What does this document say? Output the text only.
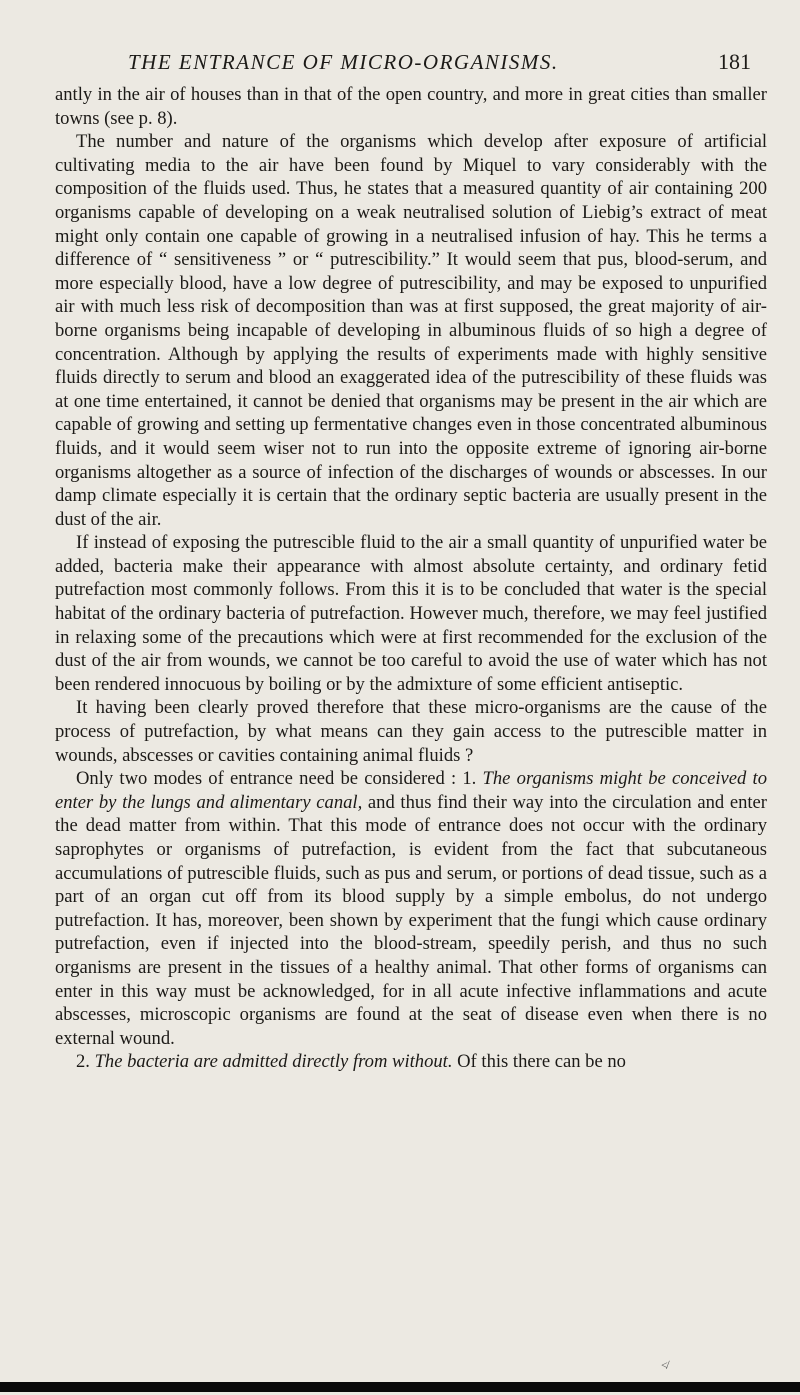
THE ENTRANCE OF MICRO-ORGANISMS.	181

antly in the air of houses than in that of the open country, and more in great cities than smaller towns (see p. 8).

The number and nature of the organisms which develop after exposure of artificial cultivating media to the air have been found by Miquel to vary considerably with the composition of the fluids used. Thus, he states that a measured quantity of air containing 200 organisms capable of developing on a weak neutralised solution of Liebig’s extract of meat might only contain one capable of growing in a neutralised infusion of hay. This he terms a difference of “ sensitiveness ” or “ putrescibility.” It would seem that pus, blood-serum, and more especially blood, have a low degree of putrescibility, and may be exposed to unpurified air with much less risk of decomposition than was at first supposed, the great majority of air-borne organisms being incapable of developing in albuminous fluids of so high a degree of concentration. Although by applying the results of experiments made with highly sensitive fluids directly to serum and blood an exaggerated idea of the putrescibility of these fluids was at one time entertained, it cannot be denied that organisms may be present in the air which are capable of growing and setting up fermentative changes even in those concentrated albuminous fluids, and it would seem wiser not to run into the opposite extreme of ignoring air-borne organisms altogether as a source of infection of the discharges of wounds or abscesses. In our damp climate especially it is certain that the ordinary septic bacteria are usually present in the dust of the air.

If instead of exposing the putrescible fluid to the air a small quantity of unpurified water be added, bacteria make their appearance with almost absolute certainty, and ordinary fetid putrefaction most commonly follows. From this it is to be concluded that water is the special habitat of the ordinary bacteria of putrefaction. However much, therefore, we may feel justified in relaxing some of the precautions which were at first recommended for the exclusion of the dust of the air from wounds, we cannot be too careful to avoid the use of water which has not been rendered innocuous by boiling or by the admixture of some efficient antiseptic.

It having been clearly proved therefore that these micro-organisms are the cause of the process of putrefaction, by what means can they gain access to the putrescible matter in wounds, abscesses or cavities containing animal fluids ?

Only two modes of entrance need be considered : 1. The organisms might be conceived to enter by the lungs and alimentary canal, and thus find their way into the circulation and enter the dead matter from within. That this mode of entrance does not occur with the ordinary saprophytes or organisms of putrefaction, is evident from the fact that subcutaneous accumulations of putrescible fluids, such as pus and serum, or portions of dead tissue, such as a part of an organ cut off from its blood supply by a simple embolus, do not undergo putrefaction. It has, moreover, been shown by experiment that the fungi which cause ordinary putrefaction, even if injected into the blood-stream, speedily perish, and thus no such organisms are present in the tissues of a healthy animal. That other forms of organisms can enter in this way must be acknowledged, for in all acute infective inflammations and acute abscesses, microscopic organisms are found at the seat of disease even when there is no external wound.

2. The bacteria are admitted directly from without. Of this there can be no

≮
